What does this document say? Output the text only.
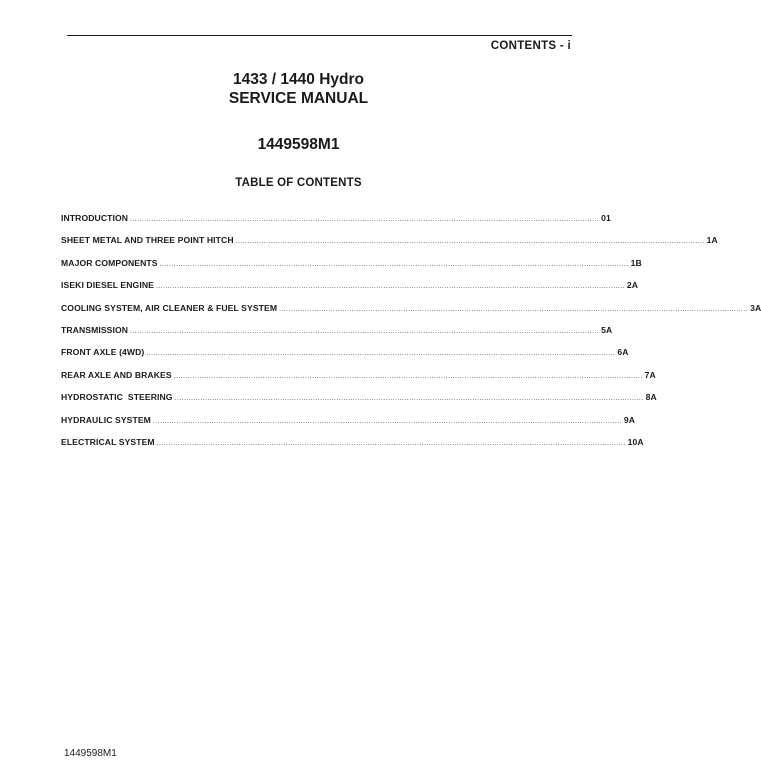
CONTENTS - i
1433 / 1440 Hydro
SERVICE MANUAL
1449598M1
TABLE OF CONTENTS
INTRODUCTION ........................................................................................................................................................................................................ 01
SHEET METAL AND THREE POINT HITCH ........................................................................................................................................................................................................ 1A
MAJOR COMPONENTS ........................................................................................................................................................................................................ 1B
ISEKI DIESEL ENGINE ........................................................................................................................................................................................................ 2A
COOLING SYSTEM, AIR CLEANER & FUEL SYSTEM ........................................................................................................................................................................................................ 3A
TRANSMISSION ........................................................................................................................................................................................................ 5A
FRONT AXLE (4WD) ........................................................................................................................................................................................................ 6A
REAR AXLE AND BRAKES ........................................................................................................................................................................................................ 7A
HYDROSTATIC  STEERING ........................................................................................................................................................................................................ 8A
HYDRAULIC SYSTEM ........................................................................................................................................................................................................ 9A
ELECTRICAL SYSTEM ........................................................................................................................................................................................................ 10A
1449598M1
